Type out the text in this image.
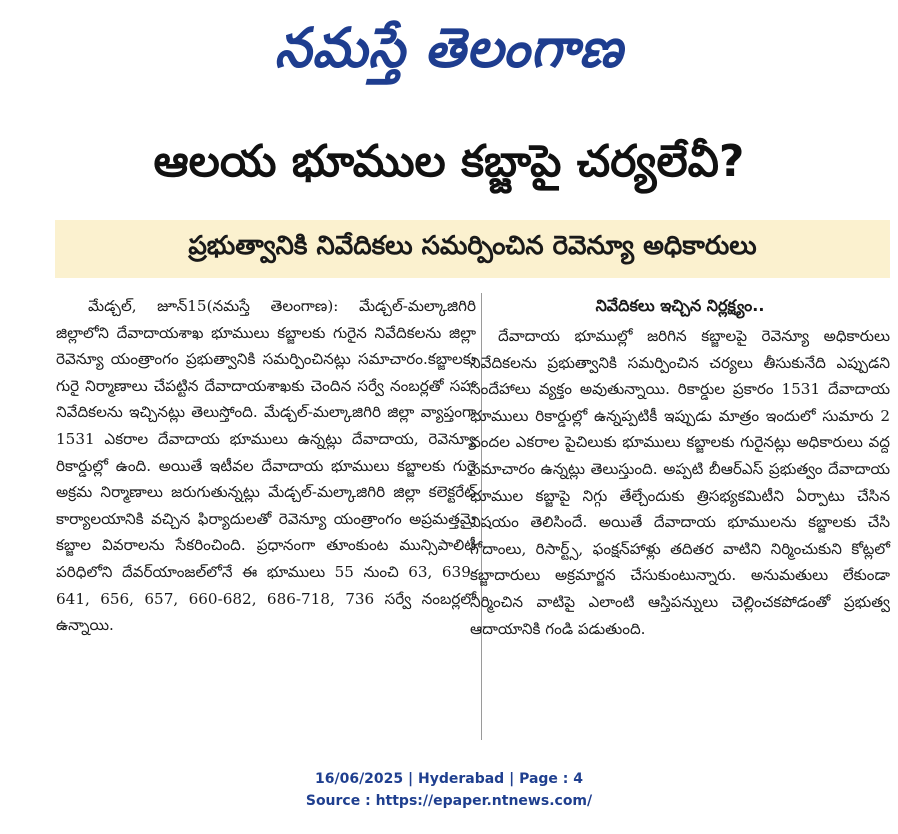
నమస్తే తెలంగాణ
ఆలయ భూముల కబ్జాపై చర్యలేవీ?
ప్రభుత్వానికి నివేదికలు సమర్పించిన రెవెన్యూ అధికారులు

మేడ్చల్, జూన్15(నమస్తే తెలంగాణ): మేడ్చల్-మల్కాజిగిరి జిల్లాలోని దేవాదాయశాఖ భూములు కబ్జాలకు గురైన నివేదికలను జిల్లా రెవెన్యూ యంత్రాంగం ప్రభుత్వానికి సమర్పించినట్లు సమాచారం.కబ్జాలకు గురై నిర్మాణాలు చేపట్టిన దేవాదాయశాఖకు చెందిన సర్వే నంబర్లతో సహా నివేదికలను ఇచ్చినట్లు తెలుస్తోంది. మేడ్చల్-మల్కాజిగిరి జిల్లా వ్యాప్తంగా 1531 ఎకరాల దేవాదాయ భూములు ఉన్నట్లు దేవాదాయ, రెవెన్యూ రికార్డుల్లో ఉంది. అయితే ఇటీవల దేవాదాయ భూములు కబ్జాలకు గురై అక్రమ నిర్మాణాలు జరుగుతున్నట్లు మేడ్చల్-మల్కాజిగిరి జిల్లా కలెక్టరేట్ కార్యాలయానికి వచ్చిన ఫిర్యాదులతో రెవెన్యూ యంత్రాంగం అప్రమత్తమై కబ్జాల వివరాలను సేకరించింది. ప్రధానంగా తూంకుంట మున్సిపాలిటీ పరిధిలోని దేవర్‌యాంజల్‌లోనే ఈ భూములు 55 నుంచి 63, 639-641, 656, 657, 660-682, 686-718, 736 సర్వే నంబర్లలో ఉన్నాయి.

నివేదికలు ఇచ్చిన నిర్లక్ష్యం..

దేవాదాయ భూముల్లో జరిగిన కబ్జాలపై రెవెన్యూ అధికారులు నివేదికలను ప్రభుత్వానికి సమర్పించిన చర్యలు తీసుకునేది ఎప్పుడని సందేహాలు వ్యక్తం అవుతున్నాయి. రికార్డుల ప్రకారం 1531 దేవాదాయ భూములు రికార్డుల్లో ఉన్నప్పటికీ ఇప్పుడు మాత్రం ఇందులో సుమారు 2 వందల ఎకరాల పైచిలుకు భూములు కబ్జాలకు గురైనట్లు అధికారులు వద్ద సమాచారం ఉన్నట్లు తెలుస్తుంది. అప్పటి బీఆర్‌ఎస్ ప్రభుత్వం దేవాదాయ భూముల కబ్జాపై నిగ్గు తేల్చేందుకు త్రిసభ్యకమిటీని ఏర్పాటు చేసిన విషయం తెలిసిందే. అయితే దేవాదాయ భూములను కబ్జాలకు చేసి గోదాంలు, రిసార్ట్స్, ఫంక్షన్‌హాళ్లు తదితర వాటిని నిర్మించుకుని కోట్లలో కబ్జాదారులు అక్రమార్జన చేసుకుంటున్నారు. అనుమతులు లేకుండా నిర్మించిన వాటిపై ఎలాంటి ఆస్తిపన్నులు చెల్లించకపోడంతో ప్రభుత్వ ఆదాయానికి గండి పడుతుంది.

16/06/2025 | Hyderabad | Page : 4
Source : https://epaper.ntnews.com/
